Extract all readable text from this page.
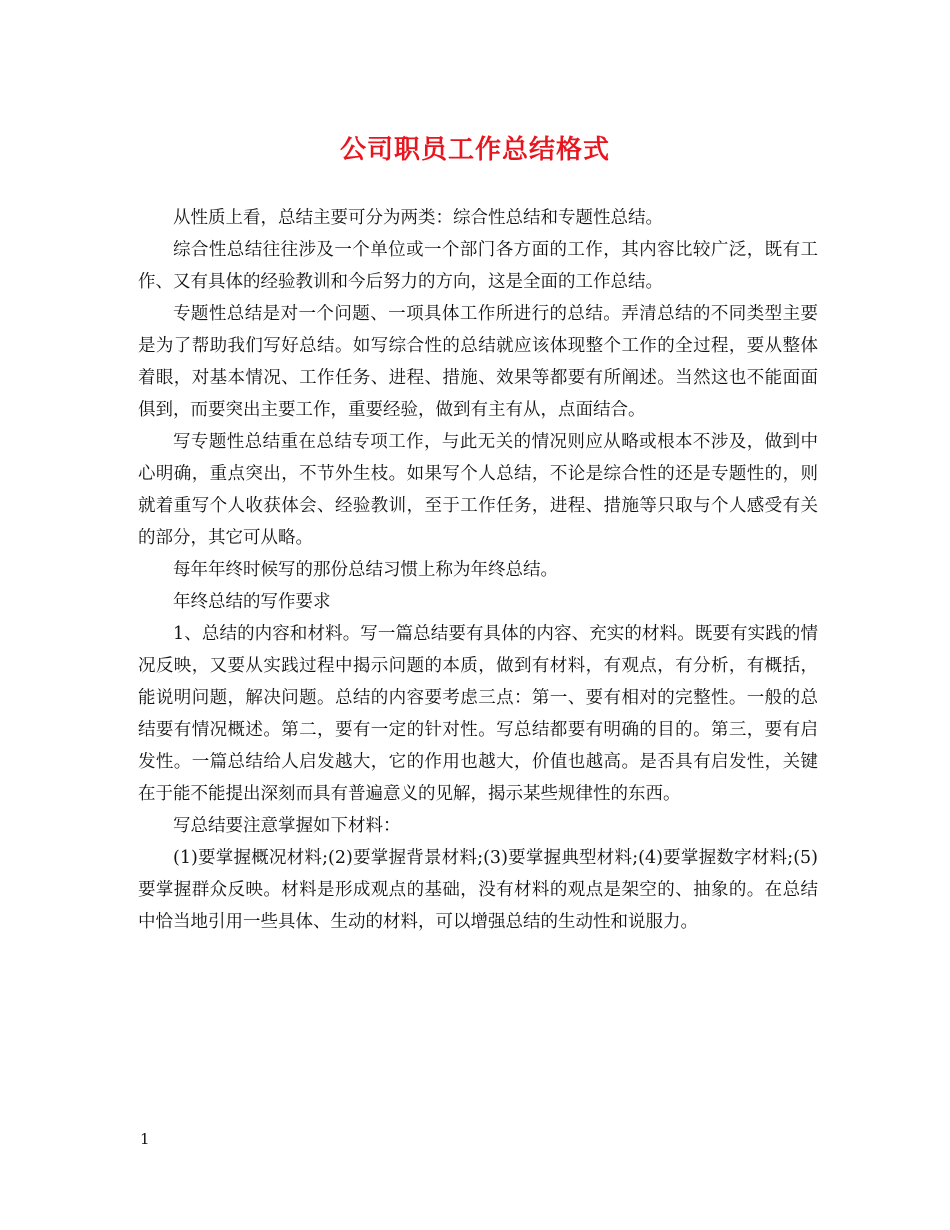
公司职员工作总结格式

从性质上看，总结主要可分为两类：综合性总结和专题性总结。

综合性总结往往涉及一个单位或一个部门各方面的工作，其内容比较广泛，既有工作、又有具体的经验教训和今后努力的方向，这是全面的工作总结。

专题性总结是对一个问题、一项具体工作所进行的总结。弄清总结的不同类型主要是为了帮助我们写好总结。如写综合性的总结就应该体现整个工作的全过程，要从整体着眼，对基本情况、工作任务、进程、措施、效果等都要有所阐述。当然这也不能面面俱到，而要突出主要工作，重要经验，做到有主有从，点面结合。

写专题性总结重在总结专项工作，与此无关的情况则应从略或根本不涉及，做到中心明确，重点突出，不节外生枝。如果写个人总结，不论是综合性的还是专题性的，则就着重写个人收获体会、经验教训，至于工作任务，进程、措施等只取与个人感受有关的部分，其它可从略。

每年年终时候写的那份总结习惯上称为年终总结。

年终总结的写作要求

1、总结的内容和材料。写一篇总结要有具体的内容、充实的材料。既要有实践的情况反映，又要从实践过程中揭示问题的本质，做到有材料，有观点，有分析，有概括，能说明问题，解决问题。总结的内容要考虑三点：第一、要有相对的完整性。一般的总结要有情况概述。第二，要有一定的针对性。写总结都要有明确的目的。第三，要有启发性。一篇总结给人启发越大，它的作用也越大，价值也越高。是否具有启发性，关键在于能不能提出深刻而具有普遍意义的见解，揭示某些规律性的东西。

写总结要注意掌握如下材料：

(1)要掌握概况材料;(2)要掌握背景材料;(3)要掌握典型材料;(4)要掌握数字材料;(5)要掌握群众反映。材料是形成观点的基础，没有材料的观点是架空的、抽象的。在总结中恰当地引用一些具体、生动的材料，可以增强总结的生动性和说服力。

1
